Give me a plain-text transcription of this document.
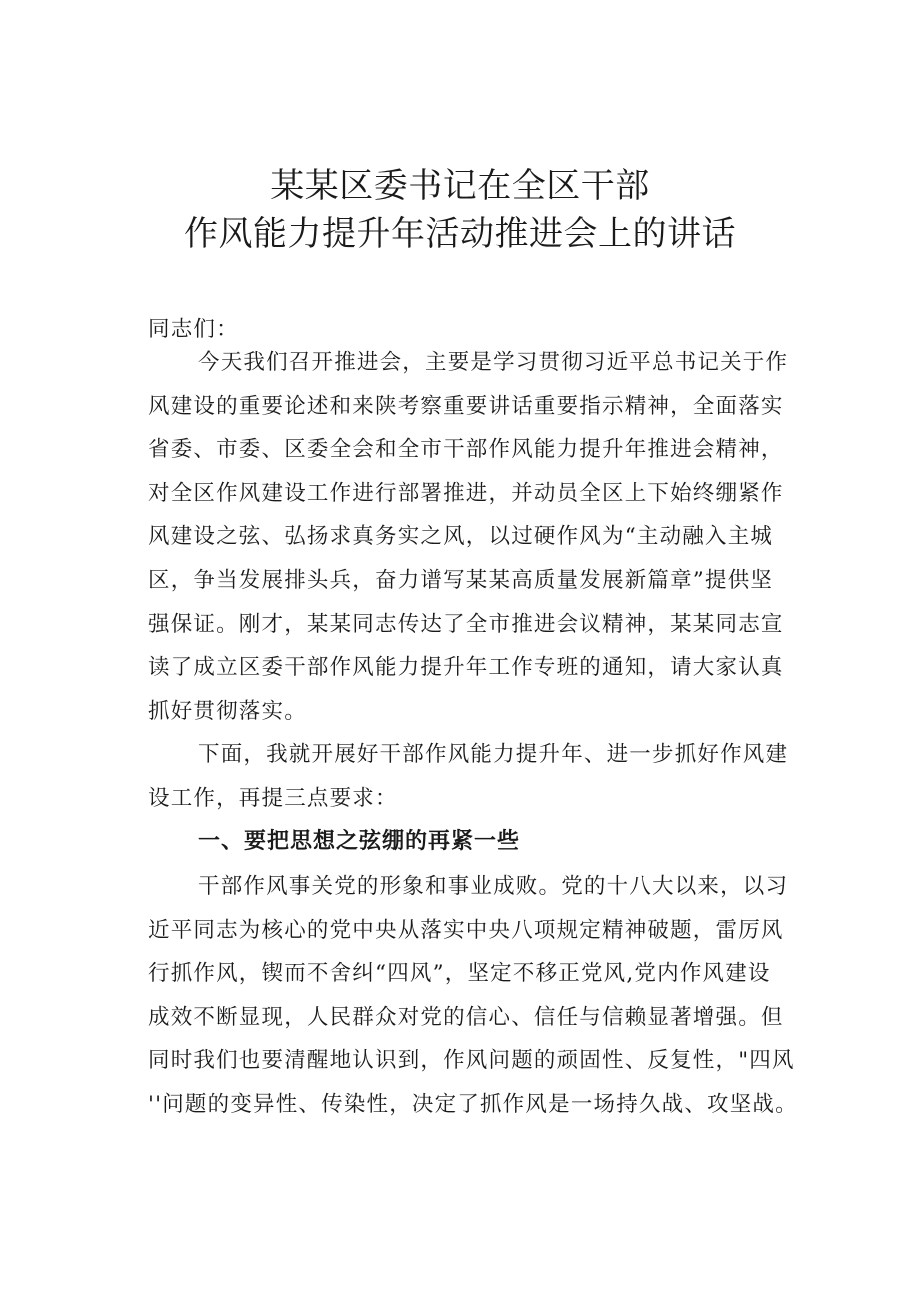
某某区委书记在全区干部
作风能力提升年活动推进会上的讲话
同志们：
今天我们召开推进会，主要是学习贯彻习近平总书记关于作
风建设的重要论述和来陕考察重要讲话重要指示精神，全面落实
省委、市委、区委全会和全市干部作风能力提升年推进会精神，
对全区作风建设工作进行部署推进，并动员全区上下始终绷紧作
风建设之弦、弘扬求真务实之风，以过硬作风为“主动融入主城
区，争当发展排头兵，奋力谱写某某高质量发展新篇章”提供坚
强保证。刚才，某某同志传达了全市推进会议精神，某某同志宣
读了成立区委干部作风能力提升年工作专班的通知，请大家认真
抓好贯彻落实。
下面，我就开展好干部作风能力提升年、进一步抓好作风建
设工作，再提三点要求：
一、要把思想之弦绷的再紧一些
干部作风事关党的形象和事业成败。党的十八大以来，以习
近平同志为核心的党中央从落实中央八项规定精神破题，雷厉风
行抓作风，锲而不舍纠“四风”，坚定不移正党风,党内作风建设
成效不断显现，人民群众对党的信心、信任与信赖显著增强。但
同时我们也要清醒地认识到，作风问题的顽固性、反复性，"四风
''问题的变异性、传染性，决定了抓作风是一场持久战、攻坚战。
